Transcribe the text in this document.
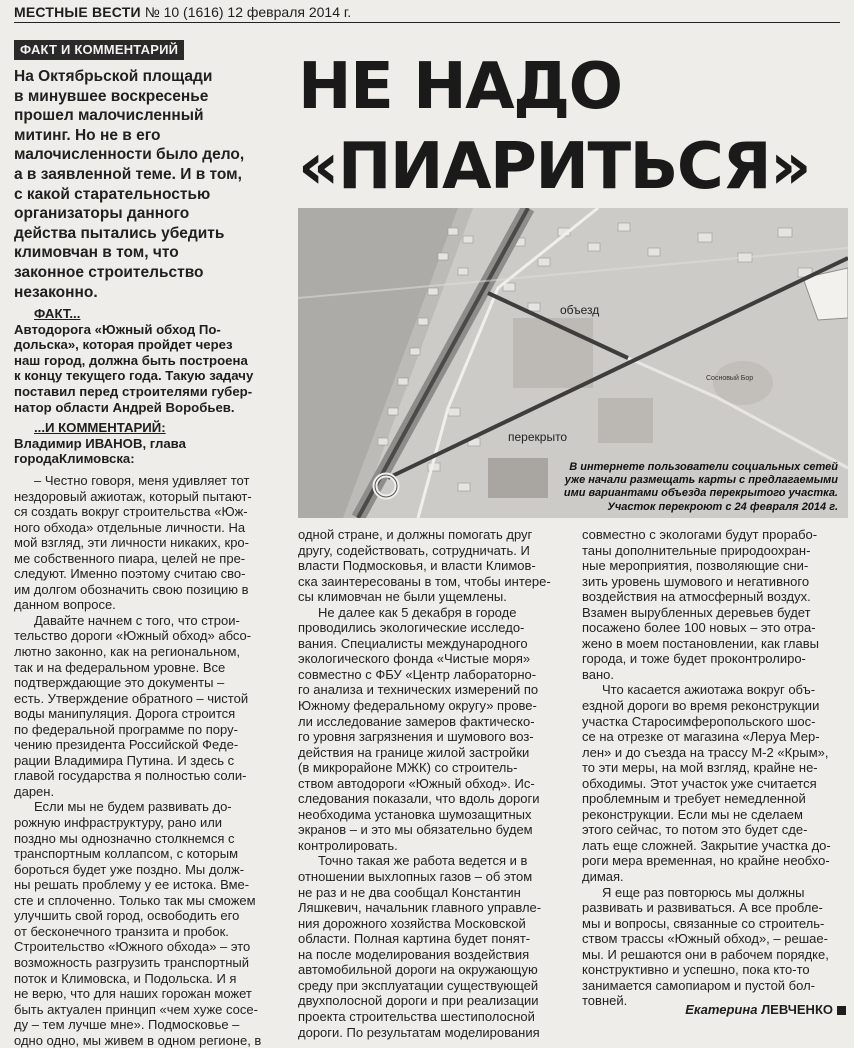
МЕСТНЫЕ ВЕСТИ № 10 (1616) 12 февраля 2014 г.
ФАКТ И КОММЕНТАРИЙ
На Октябрьской площади
в минувшее воскресенье
прошел малочисленный
митинг. Но не в его
малочисленности было дело,
а в заявленной теме. И в том,
с какой старательностью
организаторы данного
действа пытались убедить
климовчан в том, что
законное строительство
незаконно.
НЕ НАДО
«ПИАРИТЬСЯ»
ФАКТ...
Автодорога «Южный обход По-
дольска», которая пройдет через
наш город, должна быть построена
к концу текущего года. Такую задачу
поставил перед строителями губер-
натор области Андрей Воробьев.
...И КОММЕНТАРИЙ:
Владимир ИВАНОВ, глава городаКлимовска:
объезд
перекрыто
Сосновый Бор
В интернете пользователи социальных сетей
уже начали размещать карты с предлагаемыми
ими вариантами объезда перекрытого участка.
Участок перекроют с 24 февраля 2014 г.
– Честно говоря, меня удивляет тот
нездоровый ажиотаж, который пытают-
ся создать вокруг строительства «Юж-
ного обхода» отдельные личности. На
мой взгляд, эти личности никаких, кро-
ме собственного пиара, целей не пре-
следуют. Именно поэтому считаю сво-
им долгом обозначить свою позицию в
данном вопросе.
Давайте начнем с того, что строи-
тельство дороги «Южный обход» абсо-
лютно законно, как на региональном,
так и на федеральном уровне. Все
подтверждающие это документы –
есть. Утверждение обратного – чистой
воды манипуляция. Дорога строится
по федеральной программе по пору-
чению президента Российской Феде-
рации Владимира Путина. И здесь с
главой государства я полностью соли-
дарен.
Если мы не будем развивать до-
рожную инфраструктуру, рано или
поздно мы однозначно столкнемся с
транспортным коллапсом, с которым
бороться будет уже поздно. Мы долж-
ны решать проблему у ее истока. Вме-
сте и сплоченно. Только так мы сможем
улучшить свой город, освободить его
от бесконечного транзита и пробок.
Строительство «Южного обхода» – это
возможность разгрузить транспортный
поток и Климовска, и Подольска. И я
не верю, что для наших горожан может
быть актуален принцип «чем хуже сосе-
ду – тем лучше мне». Подмосковье –
одно одно, мы живем в одном регионе, в
одной стране, и должны помогать друг
другу, содействовать, сотрудничать. И
власти Подмосковья, и власти Климов-
ска заинтересованы в том, чтобы интере-
сы климовчан не были ущемлены.
Не далее как 5 декабря в городе
проводились экологические исследо-
вания. Специалисты международного
экологического фонда «Чистые моря»
совместно с ФБУ «Центр лабораторно-
го анализа и технических измерений по
Южному федеральному округу» прове-
ли исследование замеров фактическо-
го уровня загрязнения и шумового воз-
действия на границе жилой застройки
(в микрорайоне МЖК) со строитель-
ством автодороги «Южный обход». Ис-
следования показали, что вдоль дороги
необходима установка шумозащитных
экранов – и это мы обязательно будем
контролировать.
Точно такая же работа ведется и в
отношении выхлопных газов – об этом
не раз и не два сообщал Константин
Ляшкевич, начальник главного управле-
ния дорожного хозяйства Московской
области. Полная картина будет понят-
на после моделирования воздействия
автомобильной дороги на окружающую
среду при эксплуатации существующей
двухполосной дороги и при реализации
проекта строительства шестиполосной
дороги. По результатам моделирования
совместно с экологами будут прорабо-
таны дополнительные природоохран-
ные мероприятия, позволяющие сни-
зить уровень шумового и негативного
воздействия на атмосферный воздух.
Взамен вырубленных деревьев будет
посажено более 100 новых – это отра-
жено в моем постановлении, как главы
города, и тоже будет проконтролиро-
вано.
Что касается ажиотажа вокруг объ-
ездной дороги во время реконструкции
участка Старосимферопольского шос-
се на отрезке от магазина «Леруа Мер-
лен» и до съезда на трассу М-2 «Крым»,
то эти меры, на мой взгляд, крайне не-
обходимы. Этот участок уже считается
проблемным и требует немедленной
реконструкции. Если мы не сделаем
этого сейчас, то потом это будет сде-
лать еще сложней. Закрытие участка до-
роги мера временная, но крайне необхо-
димая.
Я еще раз повторюсь мы должны
развивать и развиваться. А все пробле-
мы и вопросы, связанные со строитель-
ством трассы «Южный обход», – решае-
мы. И решаются они в рабочем порядке,
конструктивно и успешно, пока кто-то
занимается самопиаром и пустой бол-
товней.
Екатерина ЛЕВЧЕНКО
